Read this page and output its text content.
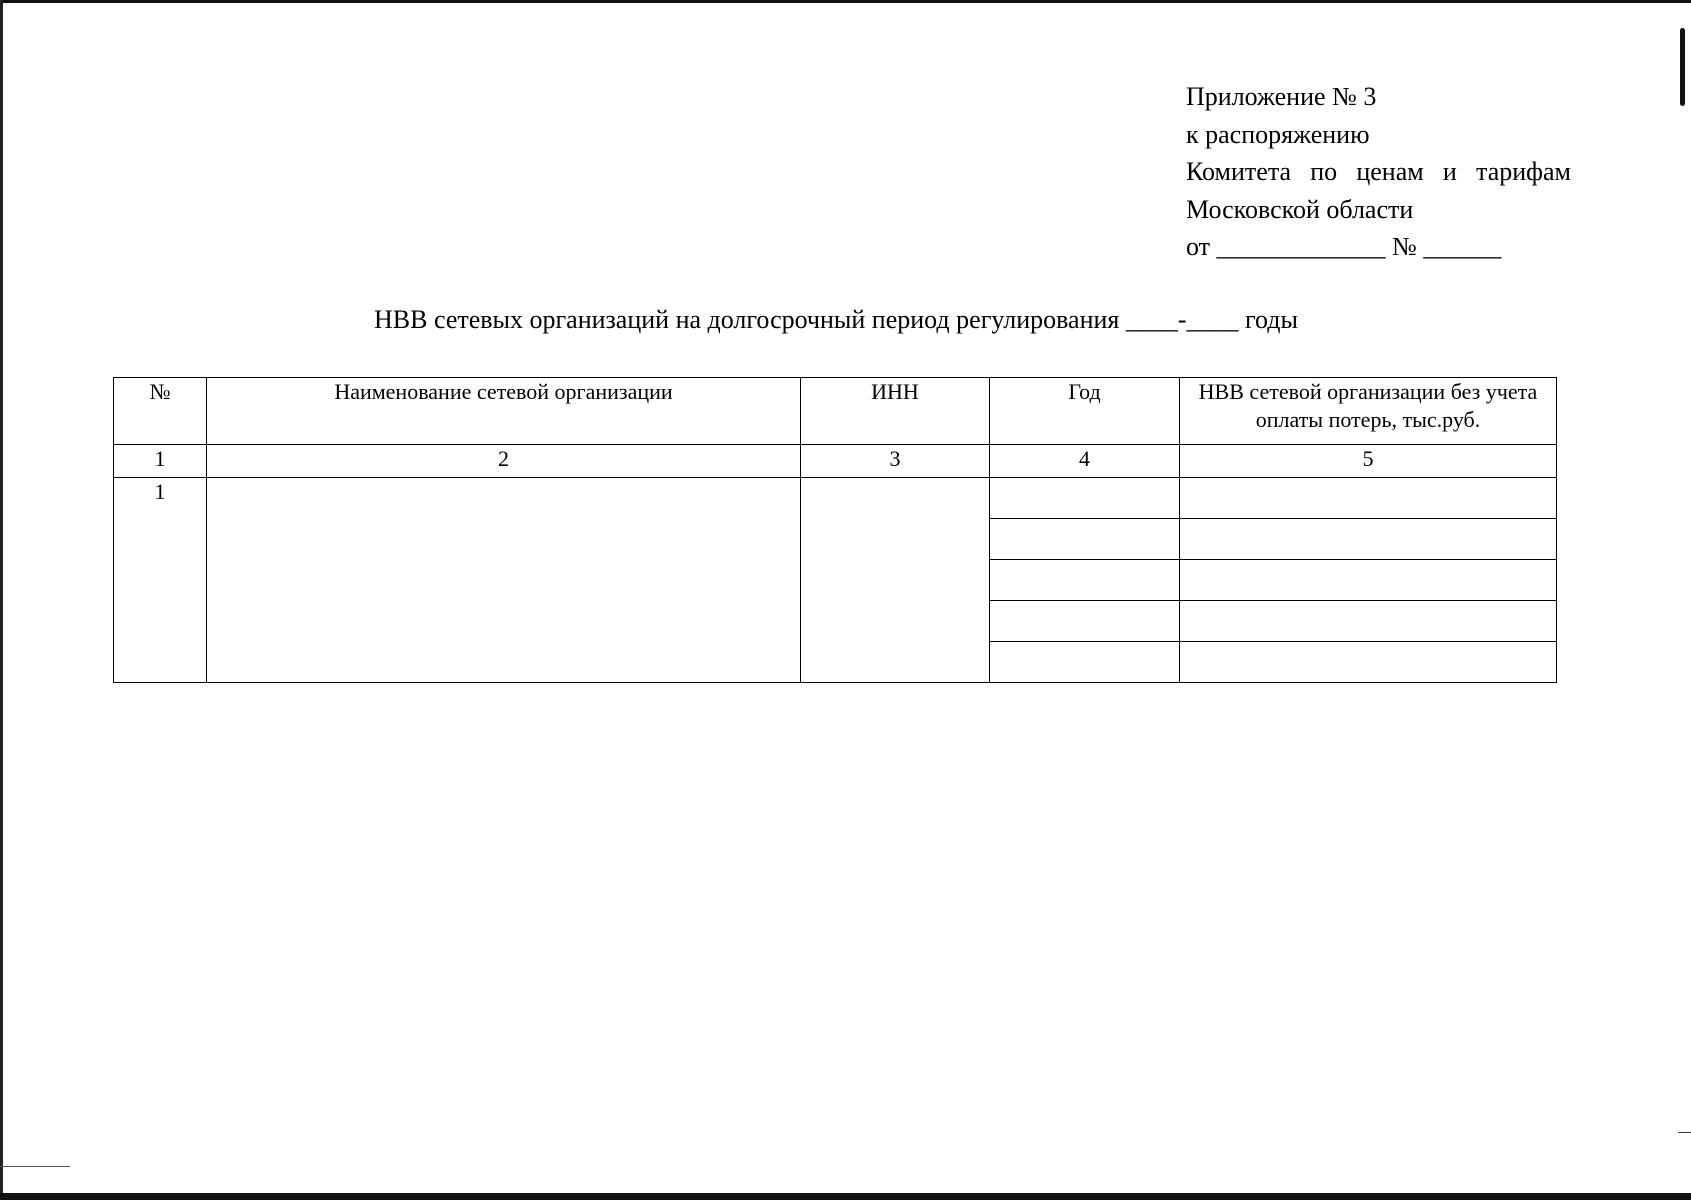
Приложение № 3
к распоряжению
Комитета по ценам и тарифам
Московской области
от _____________ № ______
НВВ сетевых организаций на долгосрочный период регулирования ____-____ годы
№	Наименование сетевой организации	ИНН	Год	НВВ сетевой организации без учета оплаты потерь, тыс.руб.
1	2	3	4	5
1				
